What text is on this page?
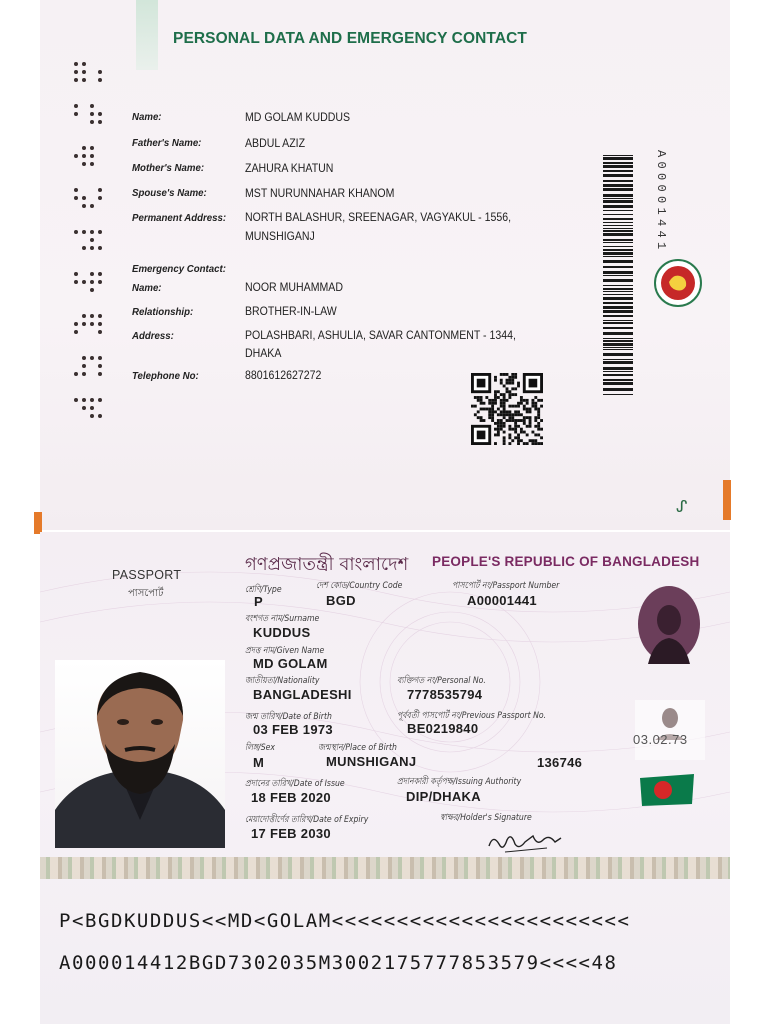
PERSONAL DATA AND EMERGENCY CONTACT
Name:	MD GOLAM KUDDUS
Father's Name:	ABDUL AZIZ
Mother's Name:	ZAHURA KHATUN
Spouse's Name:	MST NURUNNAHAR KHANOM
Permanent Address: NORTH BALASHUR, SREENAGAR, VAGYAKUL - 1556,
MUNSHIGANJ
Emergency Contact:
Name:	NOOR MUHAMMAD
Relationship:	BROTHER-IN-LAW
Address:	POLASHBARI, ASHULIA, SAVAR CANTONMENT - 1344,
DHAKA
Telephone No:	8801612627272
A00001441
ᔑ
গণপ্রজাতন্ত্রী বাংলাদেশ PEOPLE'S REPUBLIC OF BANGLADESH
PASSPORT
পাসপোর্ট	শ্রেণি/Type	দেশ কোড/Country Code	পাসপোর্ট নং/Passport Number
P	BGD	A00001441
বংশগত নাম/Surname
KUDDUS
প্রদত্ত নাম/Given Name
MD GOLAM
জাতীয়তা/Nationality	ব্যক্তিগত নং/Personal No.
BANGLADESHI	7778535794
জন্ম তারিখ/Date of Birth	পূর্ববর্তী পাসপোর্ট নং/Previous Passport No.
03 FEB 1973	BE0219840
লিঙ্গ/Sex	জন্মস্থান/Place of Birth
M	MUNSHIGANJ	136746
প্রদানের তারিখ/Date of Issue	প্রদানকারী কর্তৃপক্ষ/Issuing Authority
18 FEB 2020	DIP/DHAKA
মেয়াদোত্তীর্ণের তারিখ/Date of Expiry	স্বাক্ষর/Holder's Signature
17 FEB 2030
03.02.73
P<BGDKUDDUS<<MD<GOLAM<<<<<<<<<<<<<<<<<<<<<<<
A000014412BGD7302035M3002175777853579<<<<48
